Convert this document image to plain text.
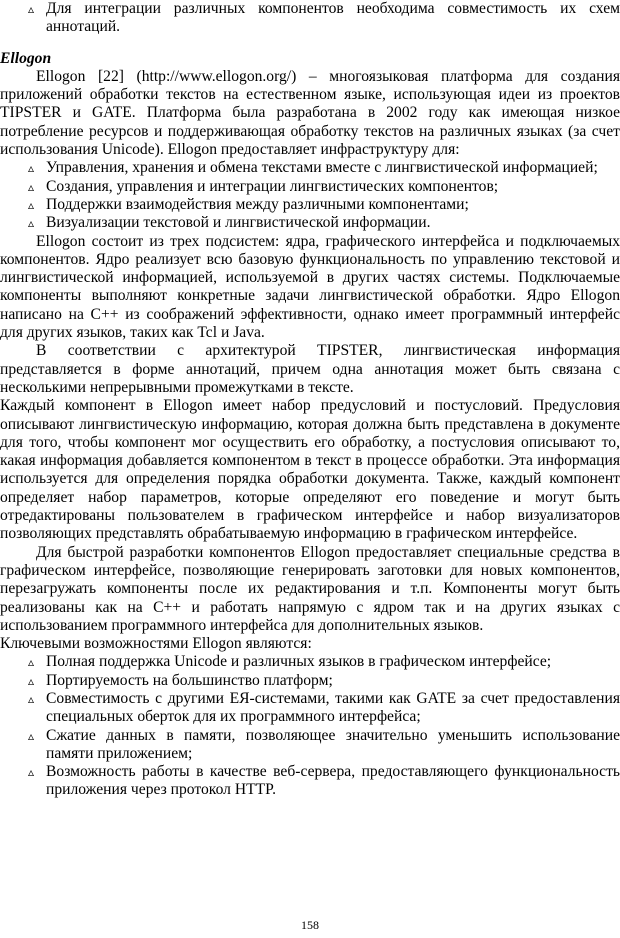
▵ Для интеграции различных компонентов необходима совместимость их схем аннотаций.

Ellogon

Ellogon [22] (http://www.ellogon.org/) – многоязыковая платформа для создания приложений обработки текстов на естественном языке, использующая идеи из проектов TIPSTER и GATE. Платформа была разработана в 2002 году как имеющая низкое потребление ресурсов и поддерживающая обработку текстов на различных языках (за счет использования Unicode). Ellogon предоставляет инфраструктуру для:

▵ Управления, хранения и обмена текстами вместе с лингвистической информацией;

▵ Создания, управления и интеграции лингвистических компонентов;

▵ Поддержки взаимодействия между различными компонентами;

▵ Визуализации текстовой и лингвистической информации.

Ellogon состоит из трех подсистем: ядра, графического интерфейса и подключаемых компонентов. Ядро реализует всю базовую функциональность по управлению текстовой и лингвистической информацией, используемой в других частях системы. Подключаемые компоненты выполняют конкретные задачи лингвистической обработки. Ядро Ellogon написано на C++ из соображений эффективности, однако имеет программный интерфейс для других языков, таких как Tcl и Java.

В соответствии с архитектурой TIPSTER, лингвистическая информация представляется в форме аннотаций, причем одна аннотация может быть связана с несколькими непрерывными промежутками в тексте.

Каждый компонент в Ellogon имеет набор предусловий и постусловий. Предусловия описывают лингвистическую информацию, которая должна быть представлена в документе для того, чтобы компонент мог осуществить его обработку, а постусловия описывают то, какая информация добавляется компонентом в текст в процессе обработки. Эта информация используется для определения порядка обработки документа. Также, каждый компонент определяет набор параметров, которые определяют его поведение и могут быть отредактированы пользователем в графическом интерфейсе и набор визуализаторов позволяющих представлять обрабатываемую информацию в графическом интерфейсе.

Для быстрой разработки компонентов Ellogon предоставляет специальные средства в графическом интерфейсе, позволяющие генерировать заготовки для новых компонентов, перезагружать компоненты после их редактирования и т.п. Компоненты могут быть реализованы как на C++ и работать напрямую с ядром так и на других языках с использованием программного интерфейса для дополнительных языков.

Ключевыми возможностями Ellogon являются:

▵ Полная поддержка Unicode и различных языков в графическом интерфейсе;

▵ Портируемость на большинство платформ;

▵ Совместимость с другими ЕЯ-системами, такими как GATE за счет предоставления специальных оберток для их программного интерфейса;

▵ Сжатие данных в памяти, позволяющее значительно уменьшить использование памяти приложением;

▵ Возможность работы в качестве веб-сервера, предоставляющего функциональность приложения через протокол HTTP.

158
